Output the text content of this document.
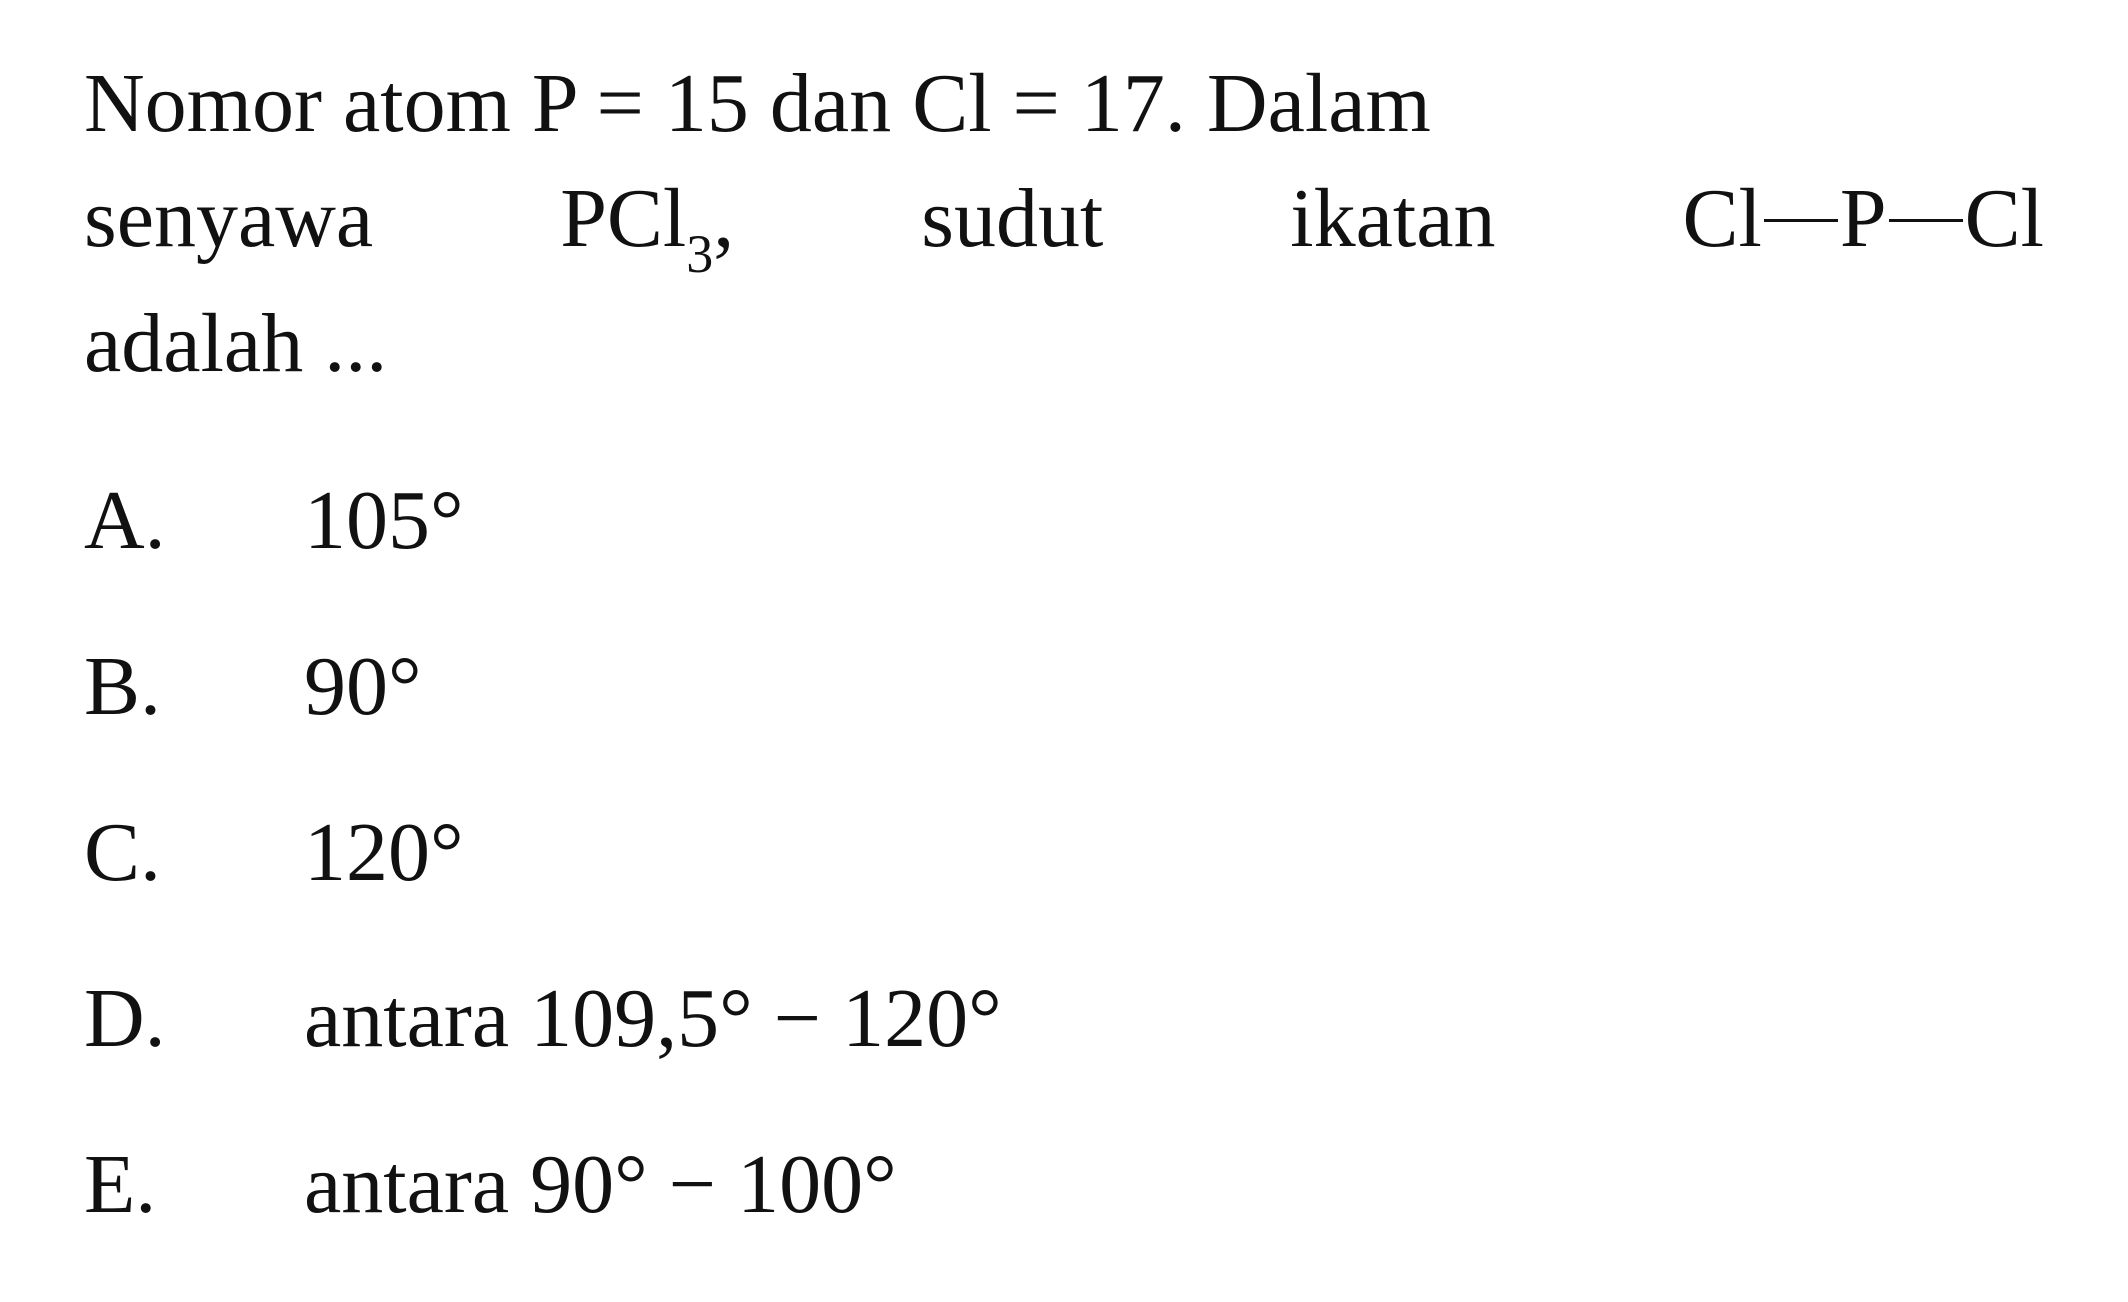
Nomor atom P = 15 dan Cl = 17. Dalam
senyawa PCl$_3$, sudut ikatan Cl P Cl
adalah ...
A.	105°
B.	90°
C.	120°
D.	antara 109,5° − 120°
E.	antara 90° − 100°
